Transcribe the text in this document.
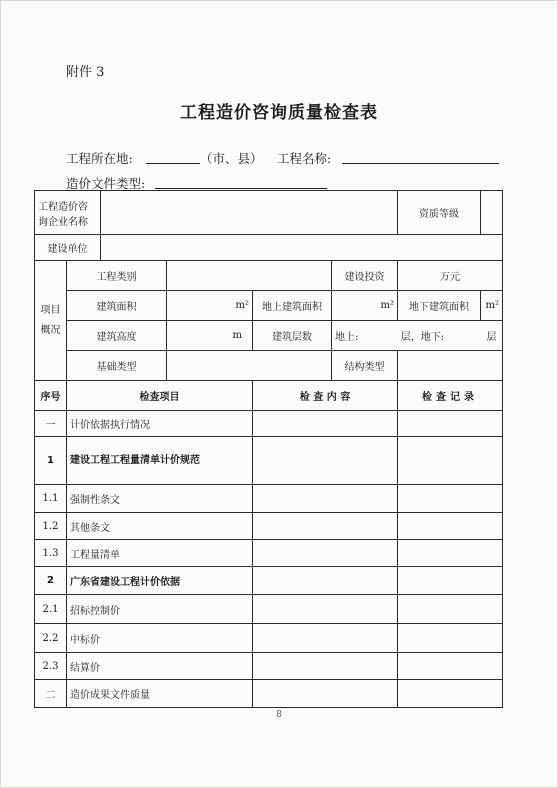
附件 3
工程造价咨询质量检查表
工程所在地:	（市、县） 工程名称:
造价文件类型:
工程造价咨询企业名称						资质等级	
建设单位							
项目概况	工程类别				建设投资	万元	
	建筑面积		m²	地上建筑面积	m²	地下建筑面积	m²
	建筑高度		m	建筑层数	地上: 层，地下: 层		
	基础类型				结构类型		
序号	检查项目			检 查 内 容		检查记录	
一	计价依据执行情况						
1	建设工程工程量清单计价规范						
1.1	强制性条文						
1.2	其他条文						
1.3	工程量清单						
2	广东省建设工程计价依据						
2.1	招标控制价						
2.2	中标价						
2.3	结算价						
二	造价成果文件质量						
8
